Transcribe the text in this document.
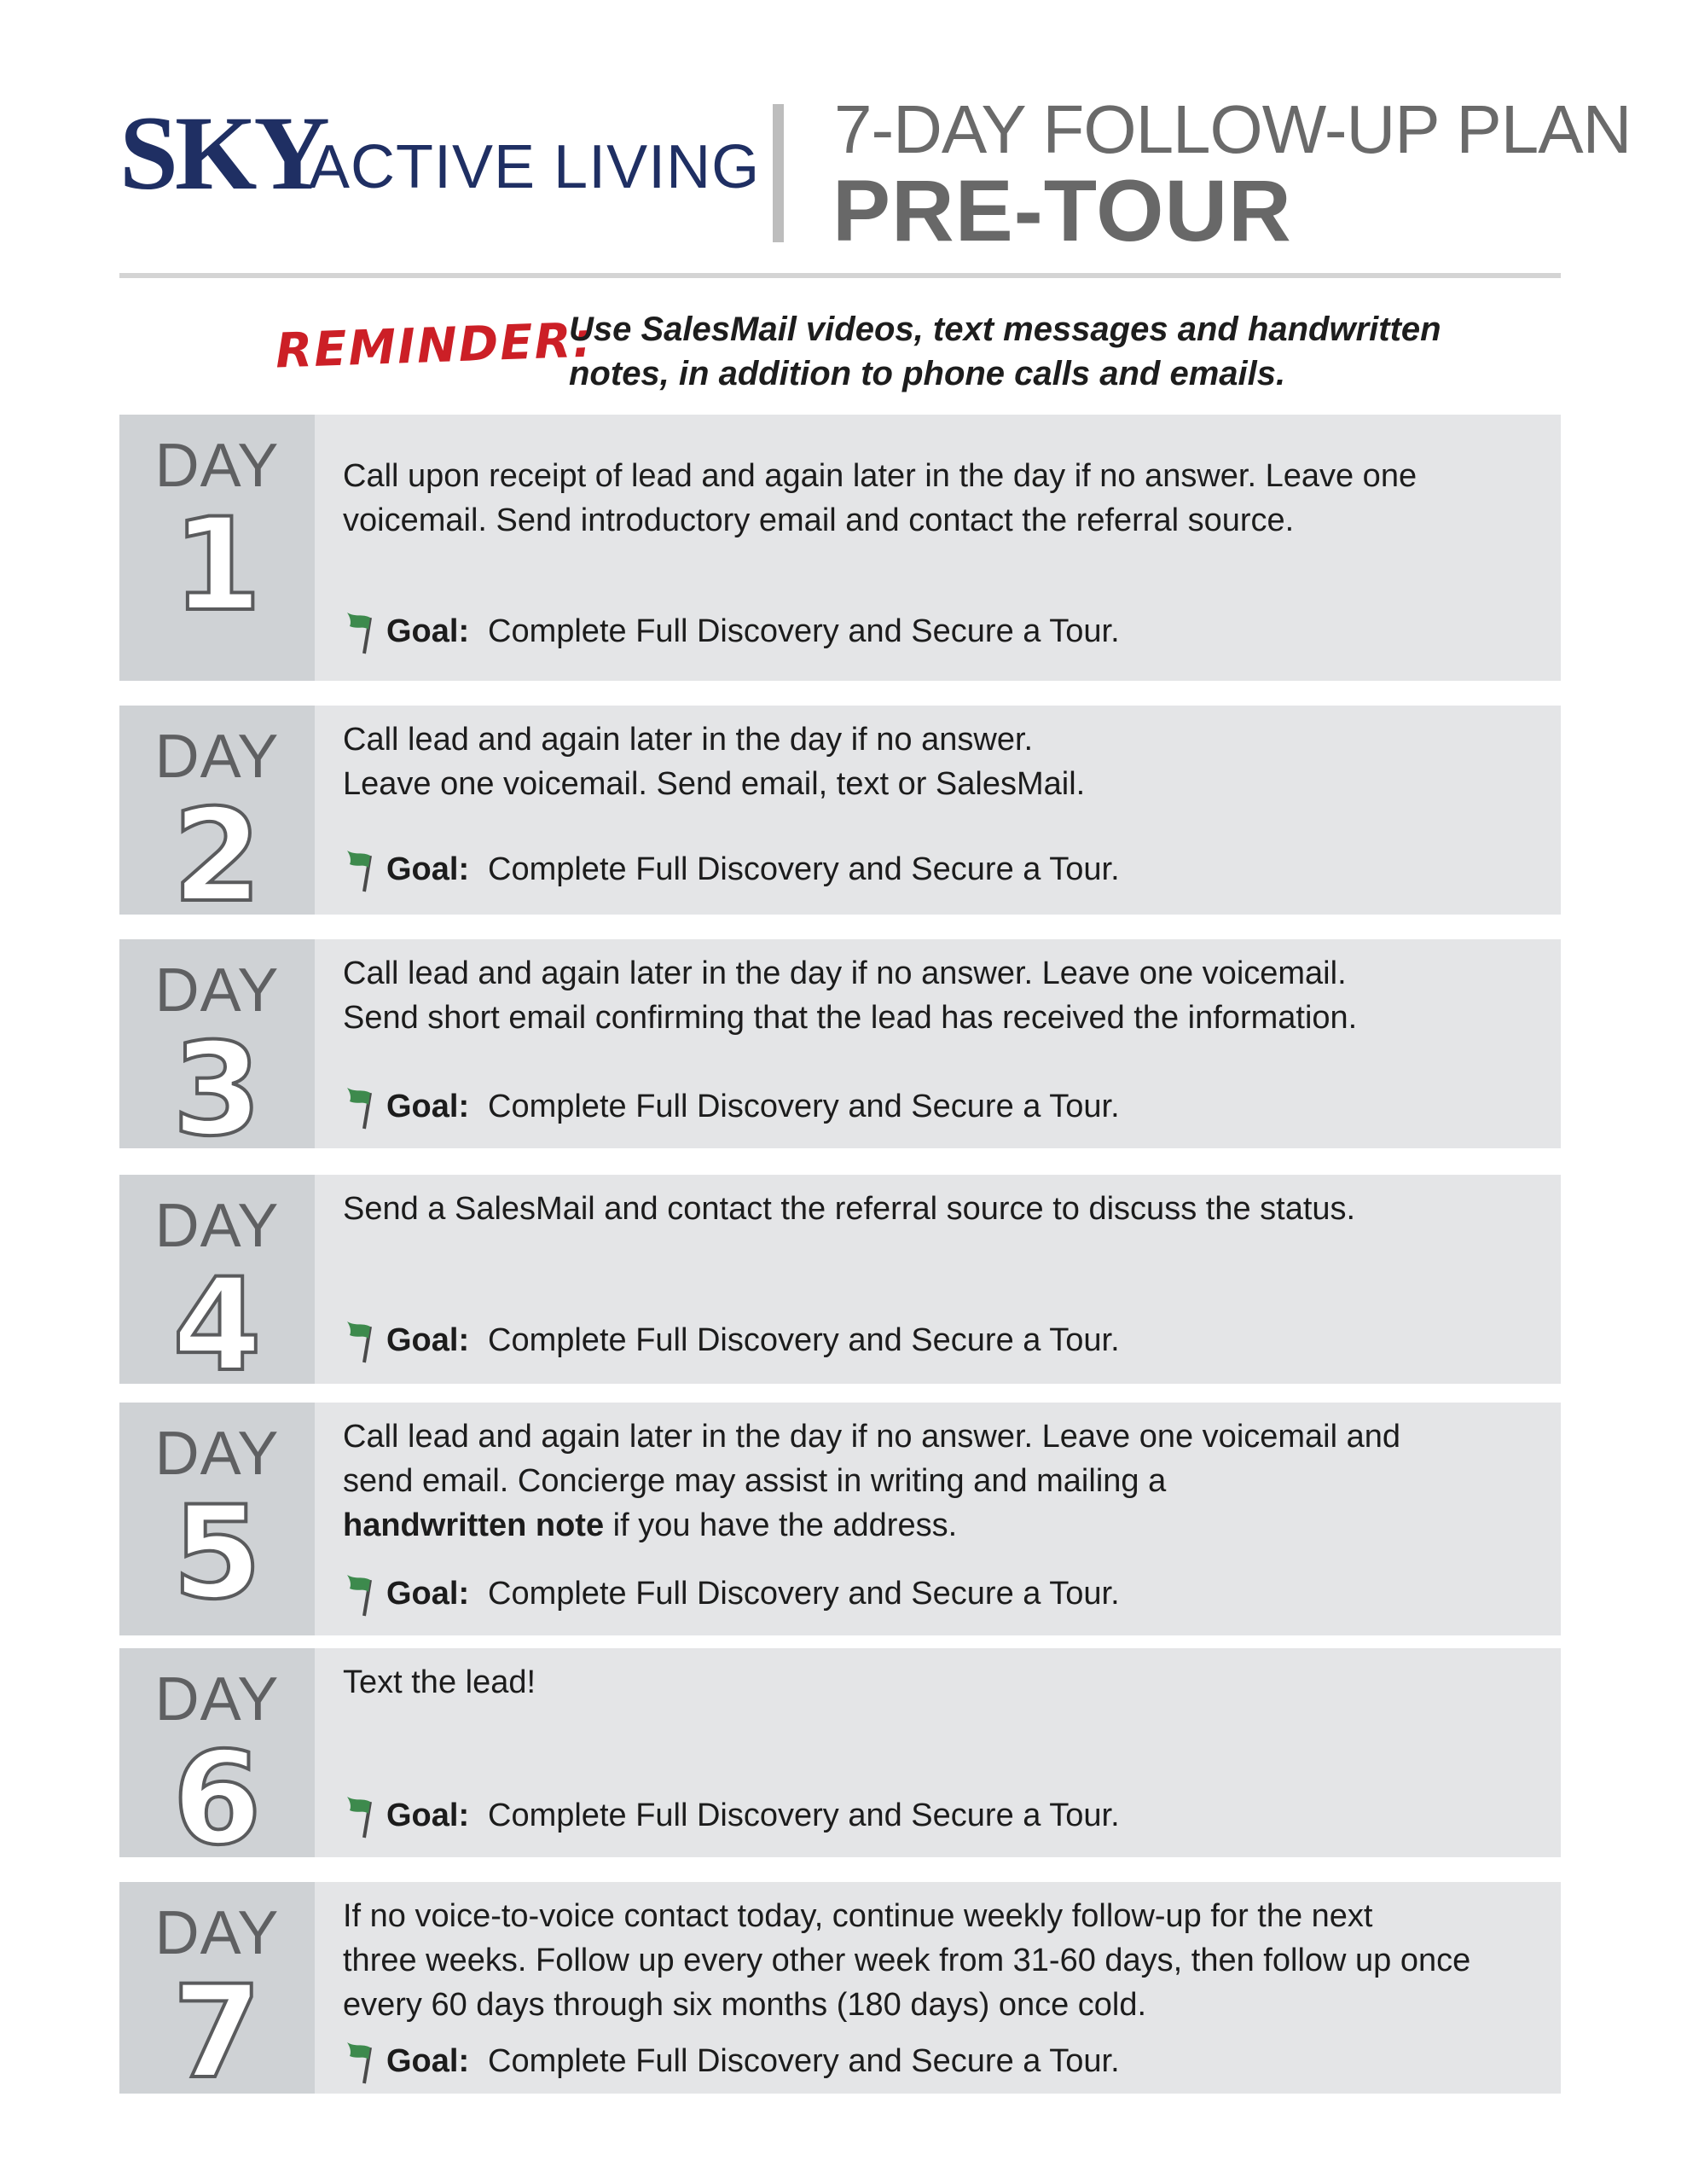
SKY
ACTIVE LIVING 7-DAY FOLLOW-UP PLAN
PRE-TOUR
REMINDER:
Use SalesMail videos, text messages and handwritten notes, in addition to phone calls and emails.
DAY
1
Call upon receipt of lead and again later in the day if no answer. Leave one
voicemail. Send introductory email and contact the referral source.
Goal: Complete Full Discovery and Secure a Tour.
DAY
2
Call lead and again later in the day if no answer.
Leave one voicemail. Send email, text or SalesMail.
Goal: Complete Full Discovery and Secure a Tour.
DAY
3
Call lead and again later in the day if no answer. Leave one voicemail.
Send short email confirming that the lead has received the information.
Goal: Complete Full Discovery and Secure a Tour.
DAY
4
Send a SalesMail and contact the referral source to discuss the status.
Goal: Complete Full Discovery and Secure a Tour.
DAY
5
Call lead and again later in the day if no answer. Leave one voicemail and
send email. Concierge may assist in writing and mailing a
handwritten note if you have the address.
Goal: Complete Full Discovery and Secure a Tour.
DAY
6
Text the lead!
Goal: Complete Full Discovery and Secure a Tour.
DAY
7
If no voice-to-voice contact today, continue weekly follow-up for the next
three weeks. Follow up every other week from 31-60 days, then follow up once
every 60 days through six months (180 days) once cold.
Goal: Complete Full Discovery and Secure a Tour.
